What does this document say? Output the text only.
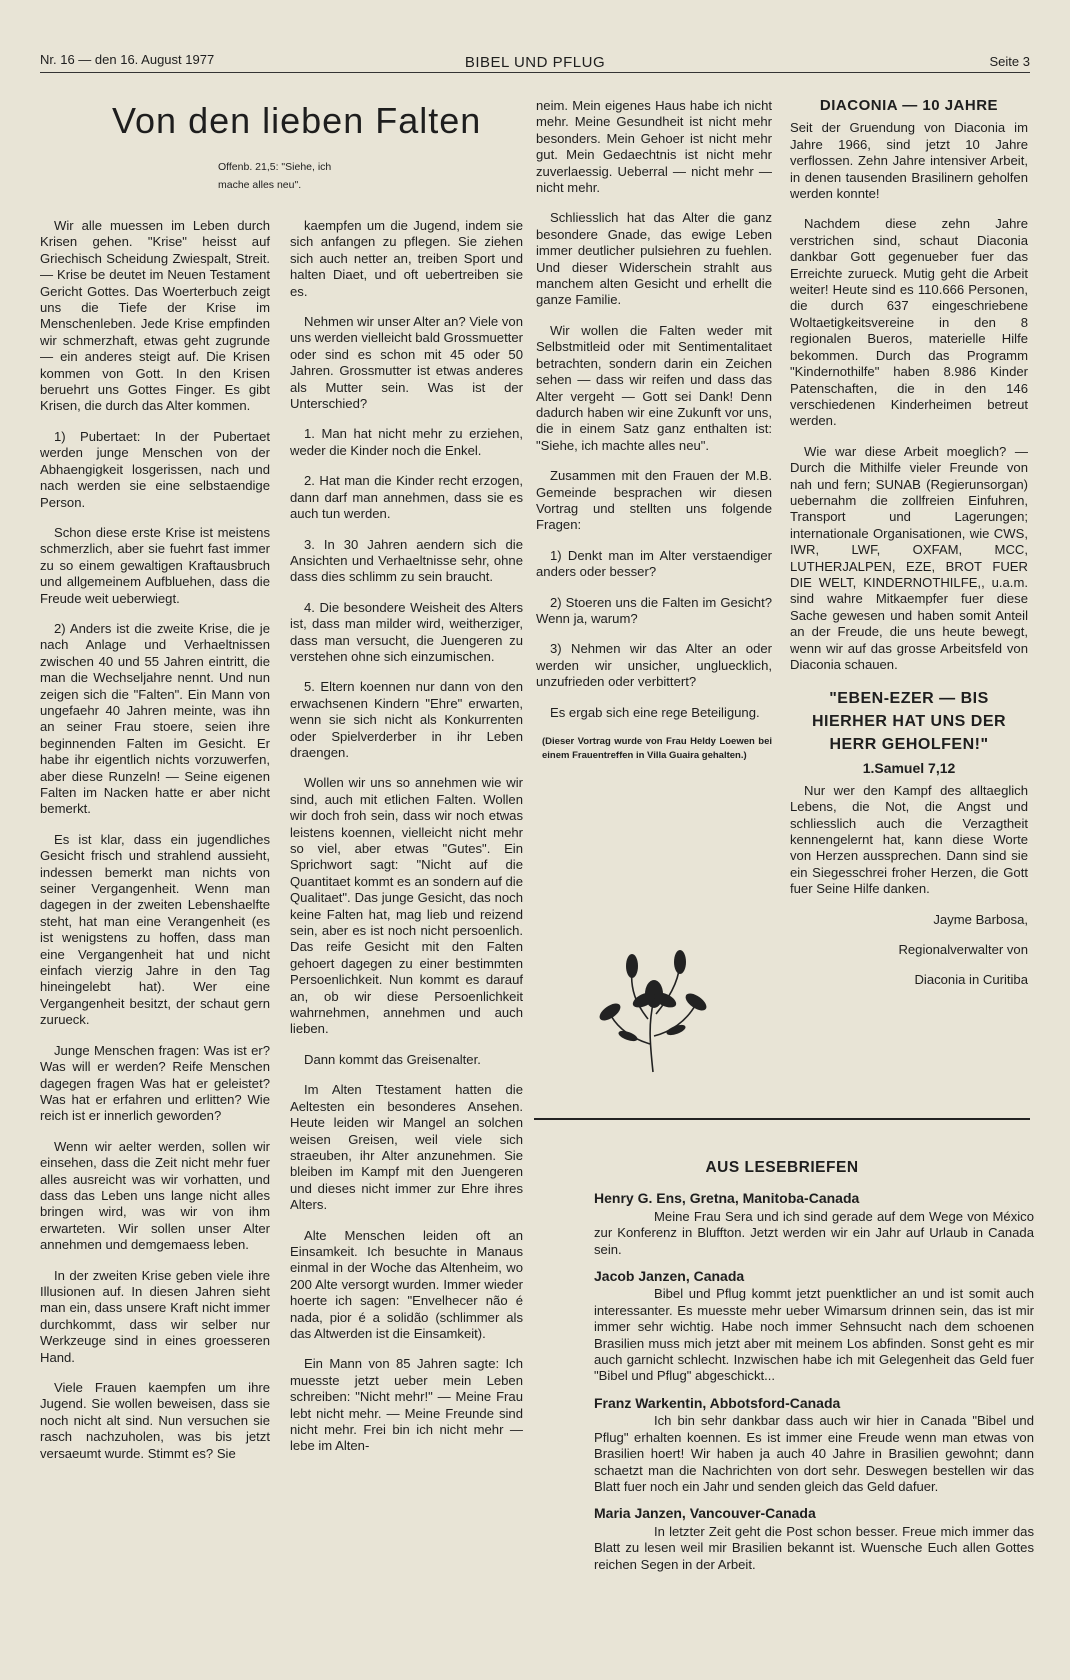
Nr. 16 — den 16. August 1977	BIBEL UND PFLUG	Seite 3
Von den lieben Falten
Offenb. 21,5: "Siehe, ich
mache alles neu".

Wir alle muessen im Leben durch Krisen gehen. "Krise" heisst auf Griechisch Scheidung Zwiespalt, Streit. — Krise be deutet im Neuen Testament Gericht Gottes. Das Woerterbuch zeigt uns die Tiefe der Krise im Menschenleben. Jede Krise empfinden wir schmerzhaft, etwas geht zugrunde — ein anderes steigt auf. Die Krisen kommen von Gott. In den Krisen beruehrt uns Gottes Finger. Es gibt Krisen, die durch das Alter kommen.

1) Pubertaet: In der Pubertaet werden junge Menschen von der Abhaengigkeit losgerissen, nach und nach werden sie eine selbstaendige Person.

Schon diese erste Krise ist meistens schmerzlich, aber sie fuehrt fast immer zu so einem gewaltigen Kraftausbruch und allgemeinem Aufbluehen, dass die Freude weit ueberwiegt.

2) Anders ist die zweite Krise, die je nach Anlage und Verhaeltnissen zwischen 40 und 55 Jahren eintritt, die man die Wechseljahre nennt. Und nun zeigen sich die "Falten". Ein Mann von ungefaehr 40 Jahren meinte, was ihn an seiner Frau stoere, seien ihre beginnenden Falten im Gesicht. Er habe ihr eigentlich nichts vorzuwerfen, aber diese Runzeln! — Seine eigenen Falten im Nacken hatte er aber nicht bemerkt.

Es ist klar, dass ein jugendliches Gesicht frisch und strahlend aussieht, indessen bemerkt man nichts von seiner Vergangenheit. Wenn man dagegen in der zweiten Lebenshaelfte steht, hat man eine Verangenheit (es ist wenigstens zu hoffen, dass man eine Vergangenheit hat und nicht einfach vierzig Jahre in den Tag hineingelebt hat). Wer eine Vergangenheit besitzt, der schaut gern zurueck.

Junge Menschen fragen: Was ist er? Was will er werden? Reife Menschen dagegen fragen Was hat er geleistet? Was hat er erfahren und erlitten? Wie reich ist er innerlich geworden?

Wenn wir aelter werden, sollen wir einsehen, dass die Zeit nicht mehr fuer alles ausreicht was wir vorhatten, und dass das Leben uns lange nicht alles bringen wird, was wir von ihm erwarteten. Wir sollen unser Alter annehmen und demgemaess leben.

In der zweiten Krise geben viele ihre Illusionen auf. In diesen Jahren sieht man ein, dass unsere Kraft nicht immer durchkommt, dass wir selber nur Werkzeuge sind in eines groesseren Hand.

Viele Frauen kaempfen um ihre Jugend. Sie wollen beweisen, dass sie noch nicht alt sind. Nun versuchen sie rasch nachzuholen, was bis jetzt versaeumt wurde. Stimmt es? Sie

kaempfen um die Jugend, indem sie sich anfangen zu pflegen. Sie ziehen sich auch netter an, treiben Sport und halten Diaet, und oft uebertreiben sie es.

Nehmen wir unser Alter an? Viele von uns werden vielleicht bald Grossmuetter oder sind es schon mit 45 oder 50 Jahren. Grossmutter ist etwas anderes als Mutter sein. Was ist der Unterschied?

1. Man hat nicht mehr zu erziehen, weder die Kinder noch die Enkel.

2. Hat man die Kinder recht erzogen, dann darf man annehmen, dass sie es auch tun werden.

3. In 30 Jahren aendern sich die Ansichten und Verhaeltnisse sehr, ohne dass dies schlimm zu sein braucht.

4. Die besondere Weisheit des Alters ist, dass man milder wird, weitherziger, dass man versucht, die Juengeren zu verstehen ohne sich einzumischen.

5. Eltern koennen nur dann von den erwachsenen Kindern "Ehre" erwarten, wenn sie sich nicht als Konkurrenten oder Spielverderber in ihr Leben draengen.

Wollen wir uns so annehmen wie wir sind, auch mit etlichen Falten. Wollen wir doch froh sein, dass wir noch etwas leistens koennen, vielleicht nicht mehr so viel, aber etwas "Gutes". Ein Sprichwort sagt: "Nicht auf die Quantitaet kommt es an sondern auf die Qualitaet". Das junge Gesicht, das noch keine Falten hat, mag lieb und reizend sein, aber es ist noch nicht persoenlich. Das reife Gesicht mit den Falten gehoert dagegen zu einer bestimmten Persoenlichkeit. Nun kommt es darauf an, ob wir diese Persoenlichkeit wahrnehmen, annehmen und auch lieben.

Dann kommt das Greisenalter.

Im Alten Ttestament hatten die Aeltesten ein besonderes Ansehen. Heute leiden wir Mangel an solchen weisen Greisen, weil viele sich straeuben, ihr Alter anzunehmen. Sie bleiben im Kampf mit den Juengeren und dieses nicht immer zur Ehre ihres Alters.

Alte Menschen leiden oft an Einsamkeit. Ich besuchte in Manaus einmal in der Woche das Altenheim, wo 200 Alte versorgt wurden. Immer wieder hoerte ich sagen: "Envelhecer não é nada, pior é a solidão (schlimmer als das Altwerden ist die Einsamkeit).

Ein Mann von 85 Jahren sagte: Ich muesste jetzt ueber mein Leben schreiben: "Nicht mehr!" — Meine Frau lebt nicht mehr. — Meine Freunde sind nicht mehr. Frei bin ich nicht mehr — lebe im Alten-

neim. Mein eigenes Haus habe ich nicht mehr. Meine Gesundheit ist nicht mehr besonders. Mein Gehoer ist nicht mehr gut. Mein Gedaechtnis ist nicht mehr zuverlaessig. Ueberral — nicht mehr — nicht mehr.

Schliesslich hat das Alter die ganz besondere Gnade, das ewige Leben immer deutlicher pulsiehren zu fuehlen. Und dieser Widerschein strahlt aus manchem alten Gesicht und erhellt die ganze Familie.

Wir wollen die Falten weder mit Selbstmitleid oder mit Sentimentalitaet betrachten, sondern darin ein Zeichen sehen — dass wir reifen und dass das Alter vergeht — Gott sei Dank! Denn dadurch haben wir eine Zukunft vor uns, die in einem Satz ganz enthalten ist: "Siehe, ich machte alles neu".

Zusammen mit den Frauen der M.B. Gemeinde besprachen wir diesen Vortrag und stellten uns folgende Fragen:

1) Denkt man im Alter verstaendiger anders oder besser?

2) Stoeren uns die Falten im Gesicht? Wenn ja, warum?

3) Nehmen wir das Alter an oder werden wir unsicher, ungluecklich, unzufrieden oder verbittert?

Es ergab sich eine rege Beteiligung.

(Dieser Vortrag wurde von Frau Heldy Loewen bei einem Frauentreffen in Villa Guaira gehalten.)

DIACONIA — 10 JAHRE

Seit der Gruendung von Diaconia im Jahre 1966, sind jetzt 10 Jahre verflossen. Zehn Jahre intensiver Arbeit, in denen tausenden Brasilinern geholfen werden konnte!

Nachdem diese zehn Jahre verstrichen sind, schaut Diaconia dankbar Gott gegenueber fuer das Erreichte zurueck. Mutig geht die Arbeit weiter! Heute sind es 110.666 Personen, die durch 637 eingeschriebene Woltaetigkeitsvereine in den 8 regionalen Bueros, materielle Hilfe bekommen. Durch das Programm "Kindernothilfe" haben 8.986 Kinder Patenschaften, die in den 146 verschiedenen Kinderheimen betreut werden.

Wie war diese Arbeit moeglich? — Durch die Mithilfe vieler Freunde von nah und fern; SUNAB (Regierunsorgan) uebernahm die zollfreien Einfuhren, Transport und Lagerungen; internationale Organisationen, wie CWS, IWR, LWF, OXFAM, MCC, LUTHERJALPEN, EZE, BROT FUER DIE WELT, KINDERNOTHILFE,, u.a.m. sind wahre Mitkaempfer fuer diese Sache gewesen und haben somit Anteil an der Freude, die uns heute bewegt, wenn wir auf das grosse Arbeitsfeld von Diaconia schauen.

"EBEN-EZER — BIS HIERHER HAT UNS DER HERR GEHOLFEN!"
1.Samuel 7,12

Nur wer den Kampf des alltaeglich Lebens, die Not, die Angst und schliesslich auch die Verzagtheit kennengelernt hat, kann diese Worte von Herzen aussprechen. Dann sind sie ein Siegesschrei froher Herzen, die Gott fuer Seine Hilfe danken.

Jayme Barbosa,

Regionalverwalter von

Diaconia in Curitiba

AUS LESEBRIEFEN
Henry G. Ens, Gretna, Manitoba-Canada

Meine Frau Sera und ich sind gerade auf dem Wege von México zur Konferenz in Bluffton. Jetzt werden wir ein Jahr auf Urlaub in Canada sein.

Jacob Janzen, Canada

Bibel und Pflug kommt jetzt puenktlicher an und ist somit auch interessanter. Es muesste mehr ueber Wimarsum drinnen sein, das ist mir immer sehr wichtig. Habe noch immer Sehnsucht nach dem schoenen Brasilien muss mich jetzt aber mit meinem Los abfinden. Sonst geht es mir auch garnicht schlecht. Inzwischen habe ich mit Gelegenheit das Geld fuer "Bibel und Pflug" abgeschickt...

Franz Warkentin, Abbotsford-Canada

Ich bin sehr dankbar dass auch wir hier in Canada "Bibel und Pflug" erhalten koennen. Es ist immer eine Freude wenn man etwas von Brasilien hoert! Wir haben ja auch 40 Jahre in Brasilien gewohnt; dann schaetzt man die Nachrichten von dort sehr. Deswegen bestellen wir das Blatt fuer noch ein Jahr und senden gleich das Geld dafuer.

Maria Janzen, Vancouver-Canada

In letzter Zeit geht die Post schon besser. Freue mich immer das Blatt zu lesen weil mir Brasilien bekannt ist. Wuensche Euch allen Gottes reichen Segen in der Arbeit.
